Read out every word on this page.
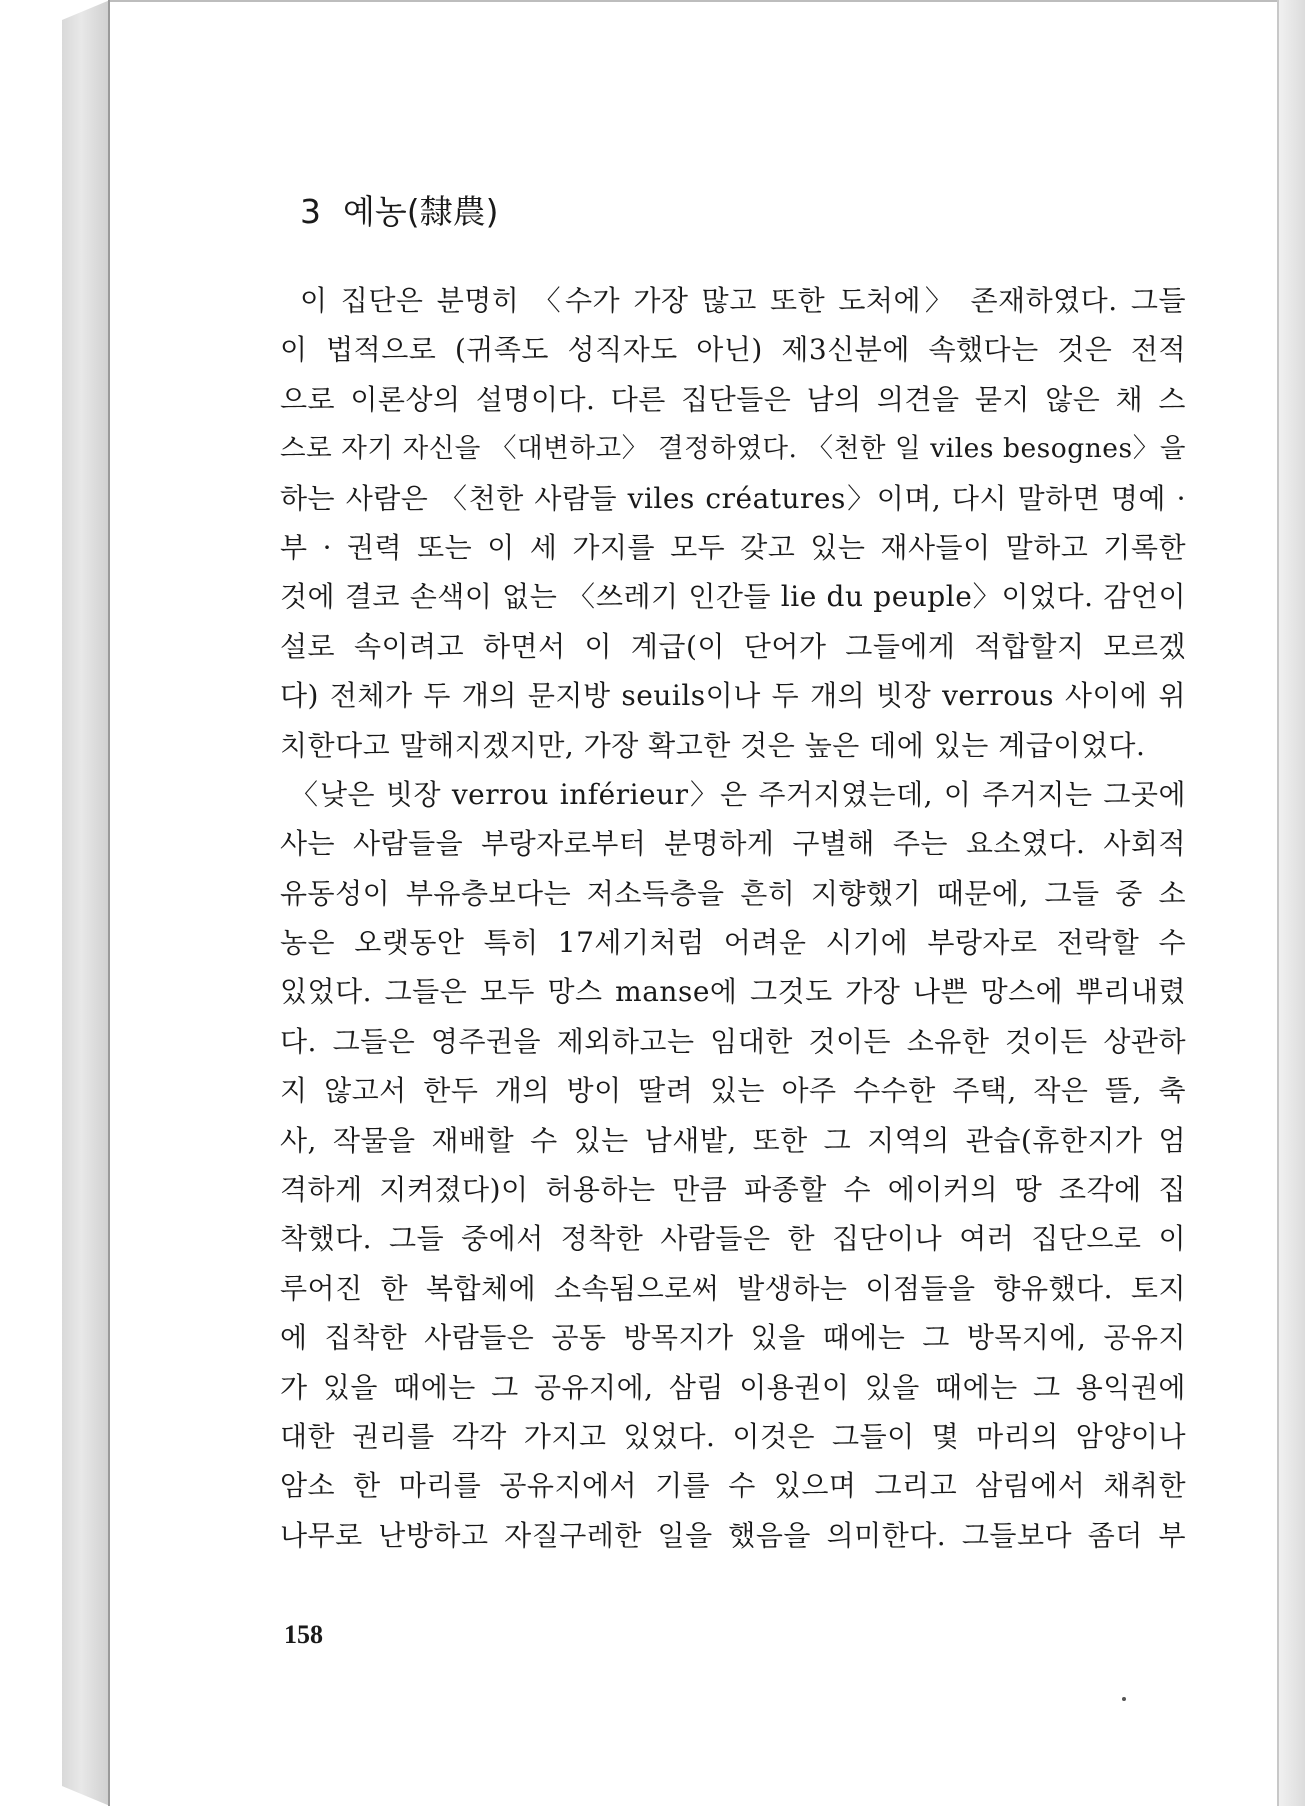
3 예농(隸農)
이 집단은 분명히 〈수가 가장 많고 또한 도처에〉 존재하였다. 그들
이 법적으로 (귀족도 성직자도 아닌) 제3신분에 속했다는 것은 전적
으로 이론상의 설명이다. 다른 집단들은 남의 의견을 묻지 않은 채 스
스로 자기 자신을 〈대변하고〉 결정하였다. 〈천한 일 viles besognes〉을
하는 사람은 〈천한 사람들 viles créatures〉이며, 다시 말하면 명예 ·
부 · 권력 또는 이 세 가지를 모두 갖고 있는 재사들이 말하고 기록한
것에 결코 손색이 없는 〈쓰레기 인간들 lie du peuple〉이었다. 감언이
설로 속이려고 하면서 이 계급(이 단어가 그들에게 적합할지 모르겠
다) 전체가 두 개의 문지방 seuils이나 두 개의 빗장 verrous 사이에 위
치한다고 말해지겠지만, 가장 확고한 것은 높은 데에 있는 계급이었다.
〈낮은 빗장 verrou inférieur〉은 주거지였는데, 이 주거지는 그곳에
사는 사람들을 부랑자로부터 분명하게 구별해 주는 요소였다. 사회적
유동성이 부유층보다는 저소득층을 흔히 지향했기 때문에, 그들 중 소
농은 오랫동안 특히 17세기처럼 어려운 시기에 부랑자로 전락할 수
있었다. 그들은 모두 망스 manse에 그것도 가장 나쁜 망스에 뿌리내렸
다. 그들은 영주권을 제외하고는 임대한 것이든 소유한 것이든 상관하
지 않고서 한두 개의 방이 딸려 있는 아주 수수한 주택, 작은 뜰, 축
사, 작물을 재배할 수 있는 남새밭, 또한 그 지역의 관습(휴한지가 엄
격하게 지켜졌다)이 허용하는 만큼 파종할 수 에이커의 땅 조각에 집
착했다. 그들 중에서 정착한 사람들은 한 집단이나 여러 집단으로 이
루어진 한 복합체에 소속됨으로써 발생하는 이점들을 향유했다. 토지
에 집착한 사람들은 공동 방목지가 있을 때에는 그 방목지에, 공유지
가 있을 때에는 그 공유지에, 삼림 이용권이 있을 때에는 그 용익권에
대한 권리를 각각 가지고 있었다. 이것은 그들이 몇 마리의 암양이나
암소 한 마리를 공유지에서 기를 수 있으며 그리고 삼림에서 채취한
나무로 난방하고 자질구레한 일을 했음을 의미한다. 그들보다 좀더 부
158
